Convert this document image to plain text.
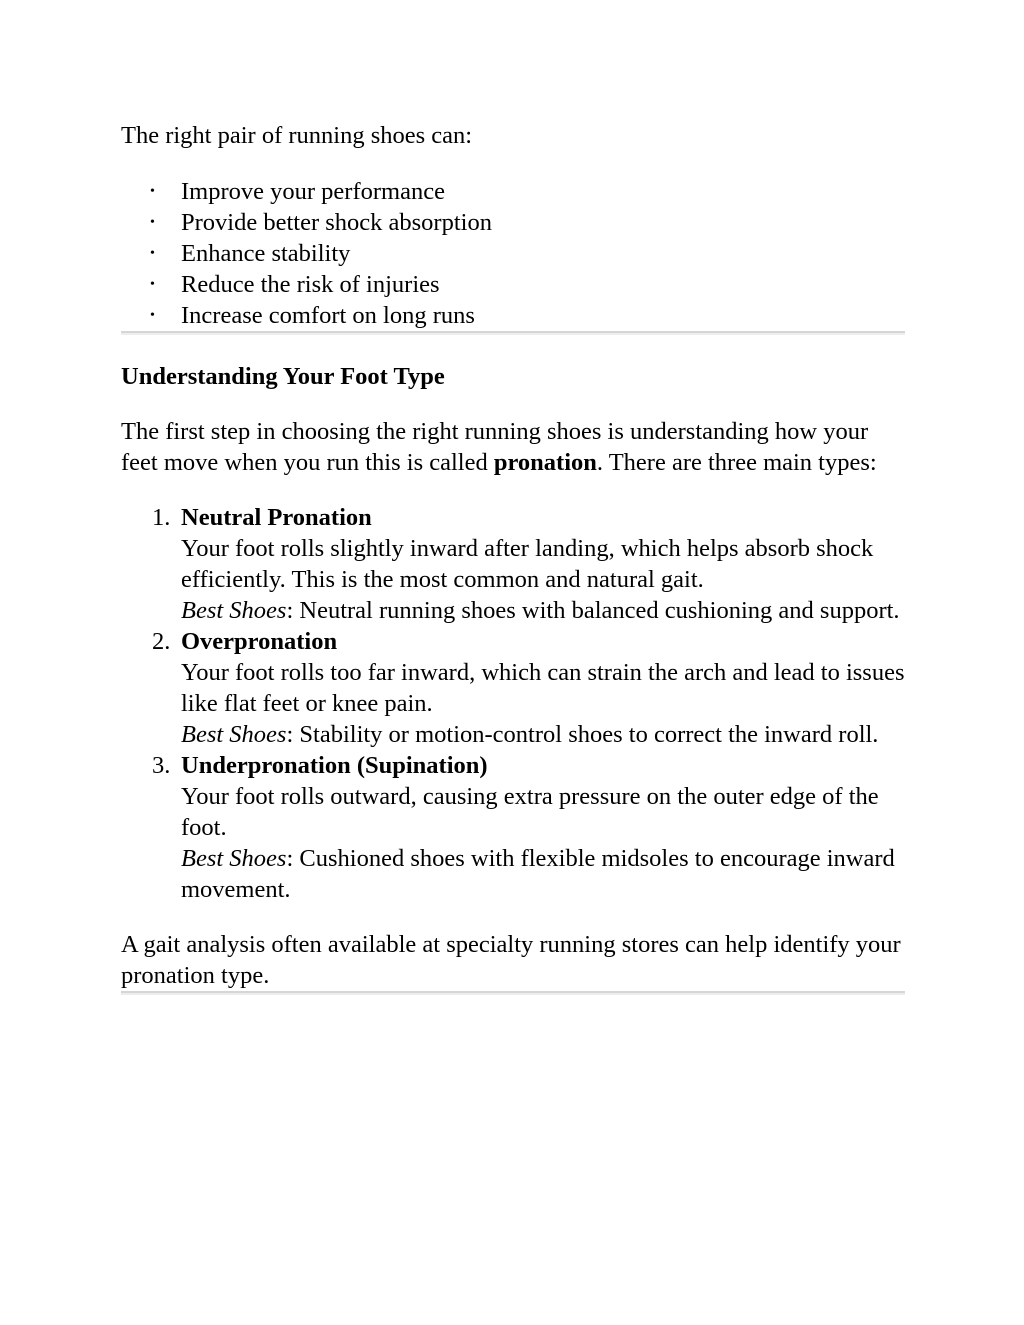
The right pair of running shoes can:

• Improve your performance
• Provide better shock absorption
• Enhance stability
• Reduce the risk of injuries
• Increase comfort on long runs

Understanding Your Foot Type

The first step in choosing the right running shoes is understanding how your feet move when you run this is called pronation. There are three main types:

1. Neutral Pronation
Your foot rolls slightly inward after landing, which helps absorb shock efficiently. This is the most common and natural gait.
Best Shoes: Neutral running shoes with balanced cushioning and support.
2. Overpronation
Your foot rolls too far inward, which can strain the arch and lead to issues like flat feet or knee pain.
Best Shoes: Stability or motion-control shoes to correct the inward roll.
3. Underpronation (Supination)
Your foot rolls outward, causing extra pressure on the outer edge of the foot.
Best Shoes: Cushioned shoes with flexible midsoles to encourage inward movement.

A gait analysis often available at specialty running stores can help identify your pronation type.
